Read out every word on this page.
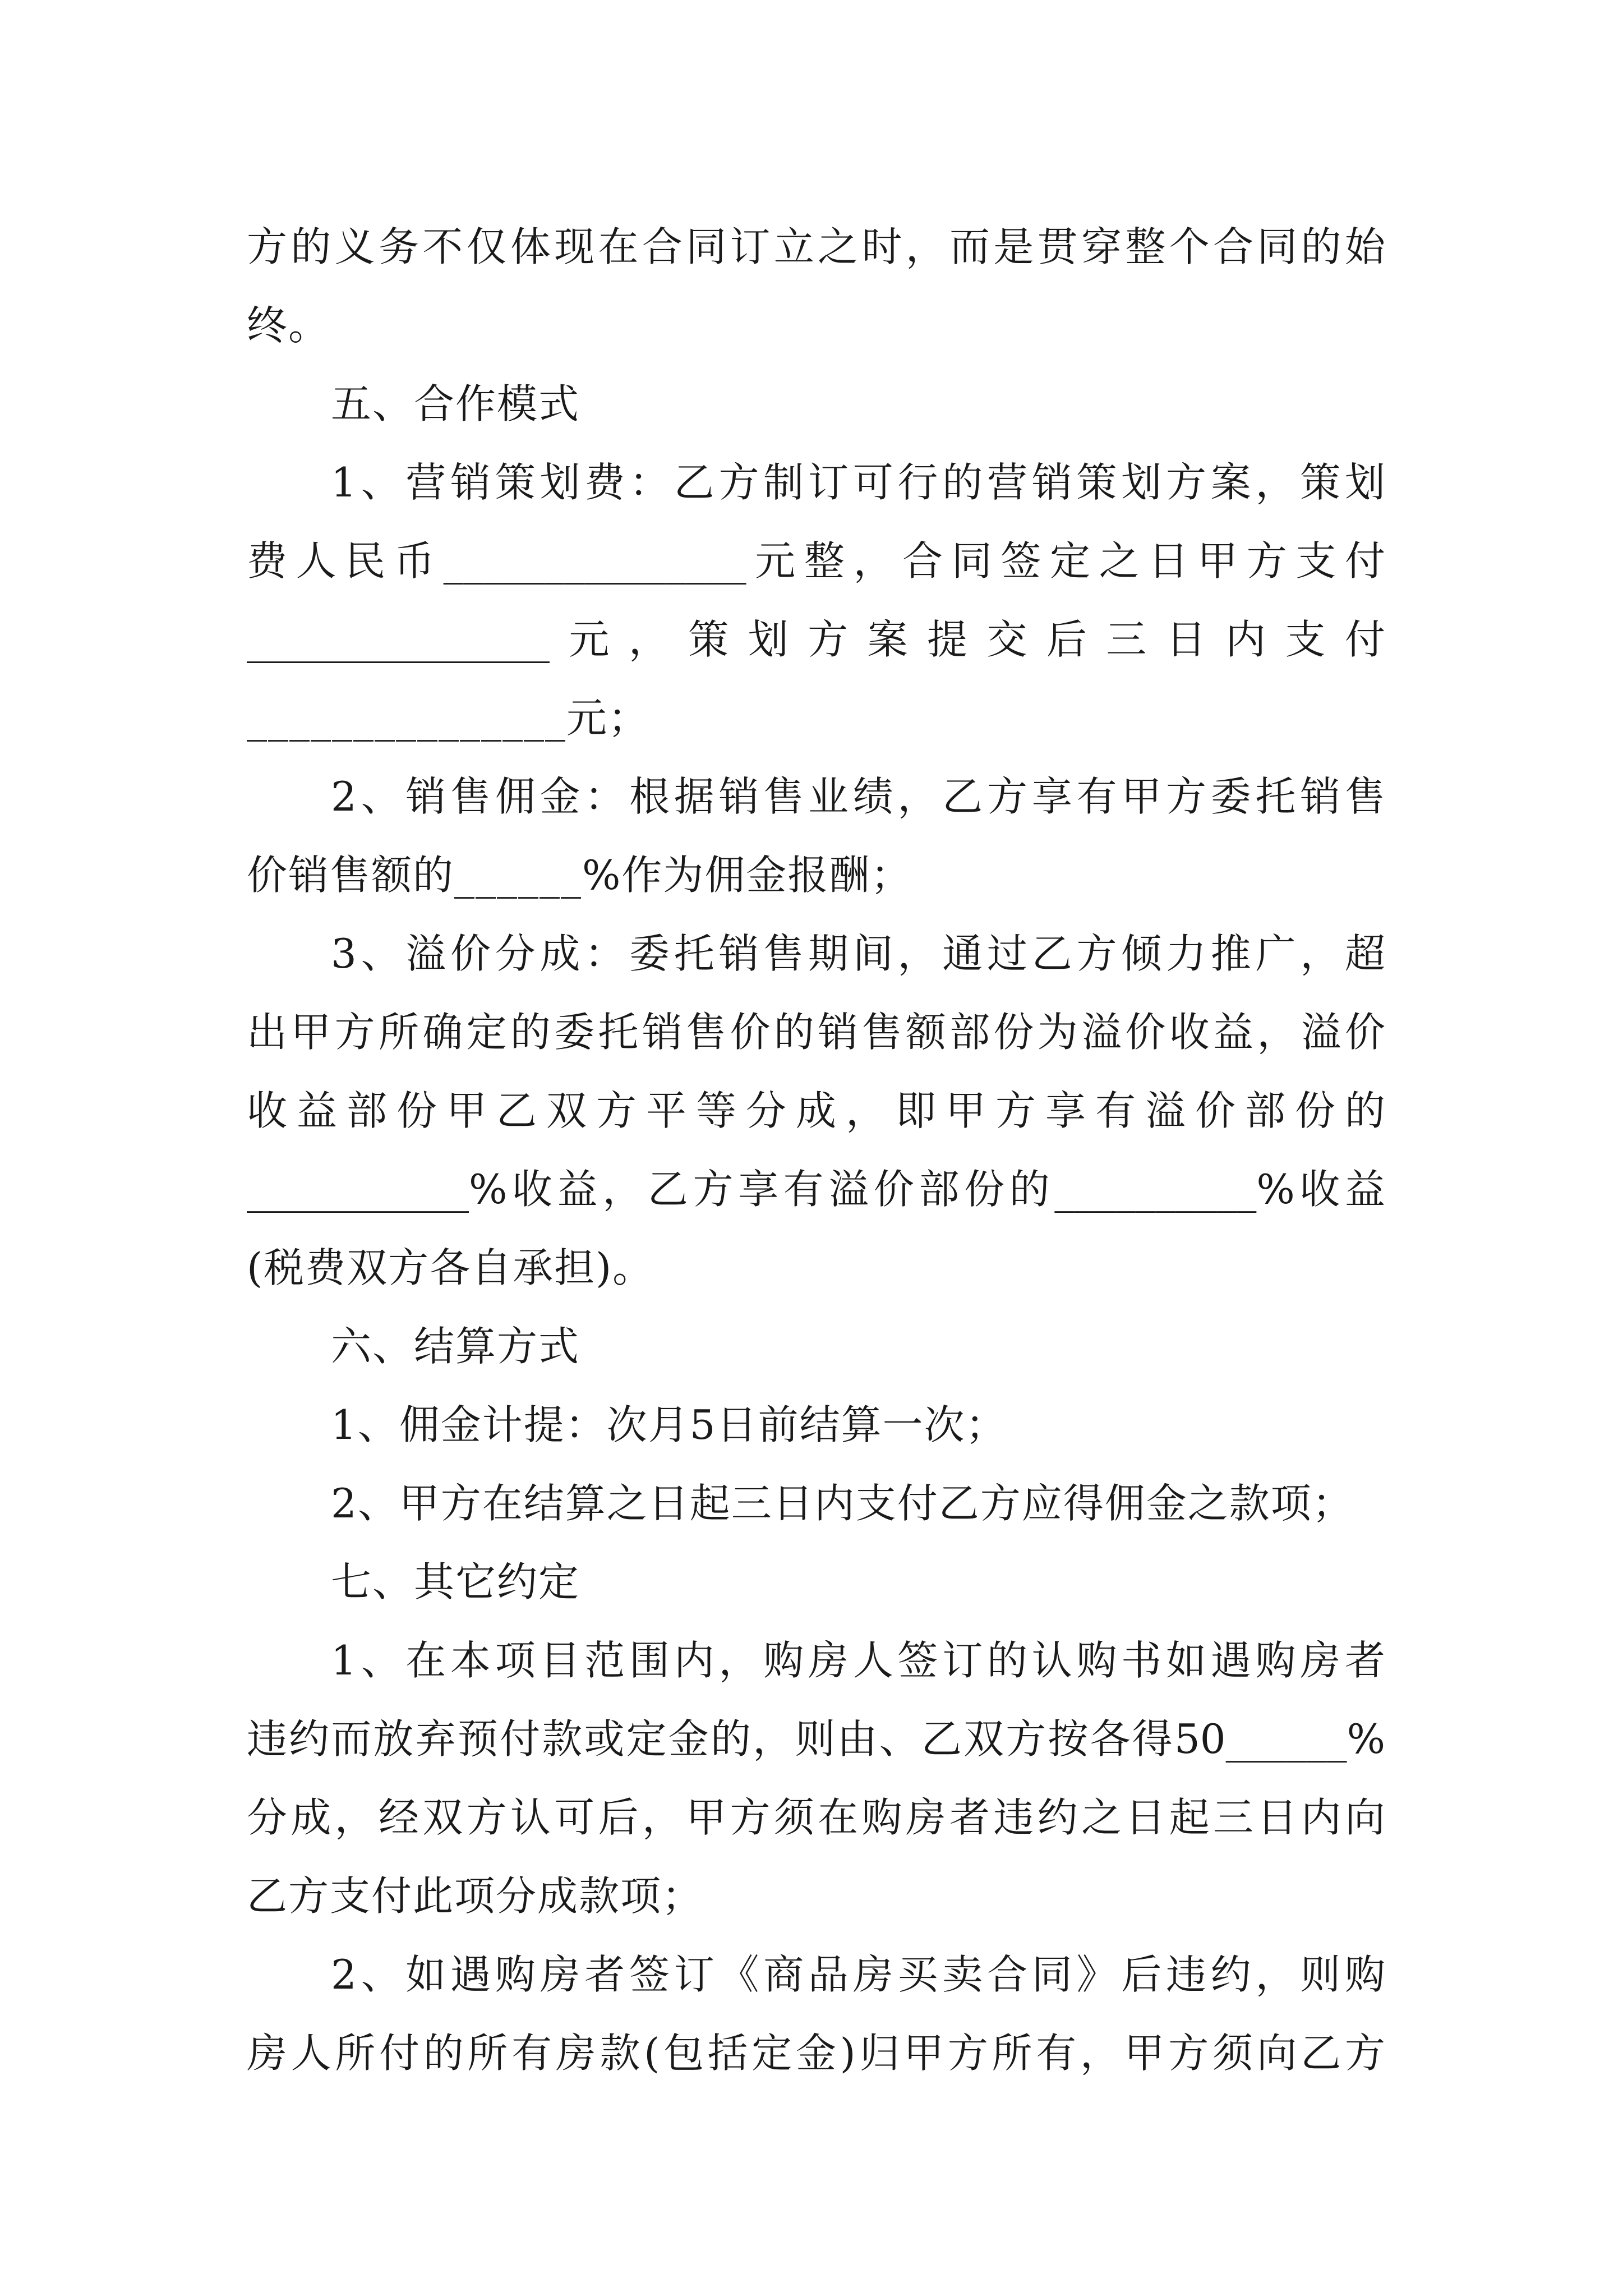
方的义务不仅体现在合同订立之时，而是贯穿整个合同的始
终。
五、合作模式
1、营销策划费：乙方制订可行的营销策划方案，策划
费人民币_______________元整，合同签定之日甲方支付
_______________元，策划方案提交后三日内支付
_______________元；
2、销售佣金：根据销售业绩，乙方享有甲方委托销售
价销售额的______%作为佣金报酬；
3、溢价分成：委托销售期间，通过乙方倾力推广，超
出甲方所确定的委托销售价的销售额部份为溢价收益，溢价
收益部份甲乙双方平等分成，即甲方享有溢价部份的
___________%收益，乙方享有溢价部份的__________%收益
(税费双方各自承担)。
六、结算方式
1、佣金计提：次月5日前结算一次；
2、甲方在结算之日起三日内支付乙方应得佣金之款项；
七、其它约定
1、在本项目范围内，购房人签订的认购书如遇购房者
违约而放弃预付款或定金的，则由、乙双方按各得50______%
分成，经双方认可后，甲方须在购房者违约之日起三日内向
乙方支付此项分成款项；
2、如遇购房者签订《商品房买卖合同》后违约，则购
房人所付的所有房款(包括定金)归甲方所有，甲方须向乙方
